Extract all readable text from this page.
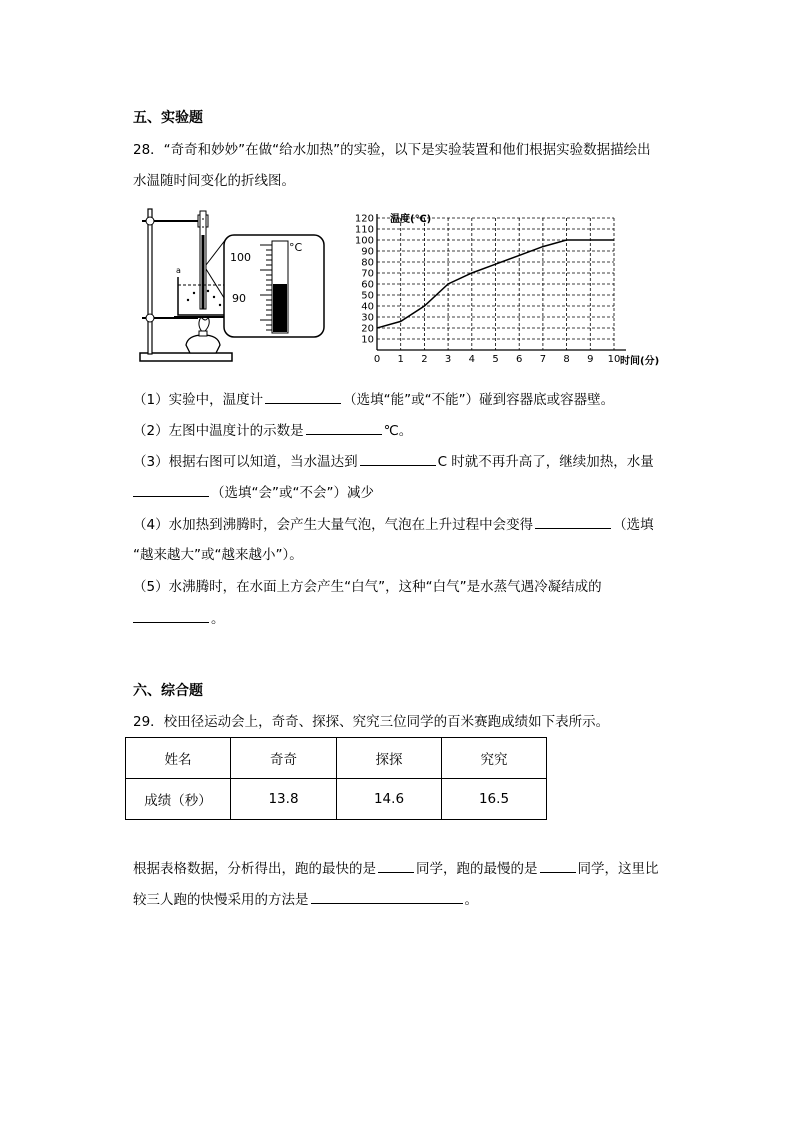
五、实验题
28．“奇奇和妙妙”在做“给水加热”的实验，以下是实验装置和他们根据实验数据描绘出
水温随时间变化的折线图。
a
100
90
°C
0 1 2 3 4 5 6 7 8 9 10
10
20
30
40
50
60
70
80
90
100
110
120 温度(℃)
时间(分)
（1）实验中，温度计	（选填“能”或“不能”）碰到容器底或容器壁。
（2）左图中温度计的示数是	℃。
（3）根据右图可以知道，当水温达到	C 时就不再升高了，继续加热，水量
（选填“会”或“不会”）减少
（4）水加热到沸腾时，会产生大量气泡，气泡在上升过程中会变得	（选填
“越来越大”或“越来越小”）。
（5）水沸腾时，在水面上方会产生“白气”，这种“白气”是水蒸气遇冷凝结成的
。
六、综合题
29．校田径运动会上，奇奇、探探、究究三位同学的百米赛跑成绩如下表所示。
姓名	奇奇	探探	究究
成绩（秒）	13.8	14.6	16.5
根据表格数据，分析得出，跑的最快的是	同学，跑的最慢的是	同学，这里比
较三人跑的快慢采用的方法是	。
